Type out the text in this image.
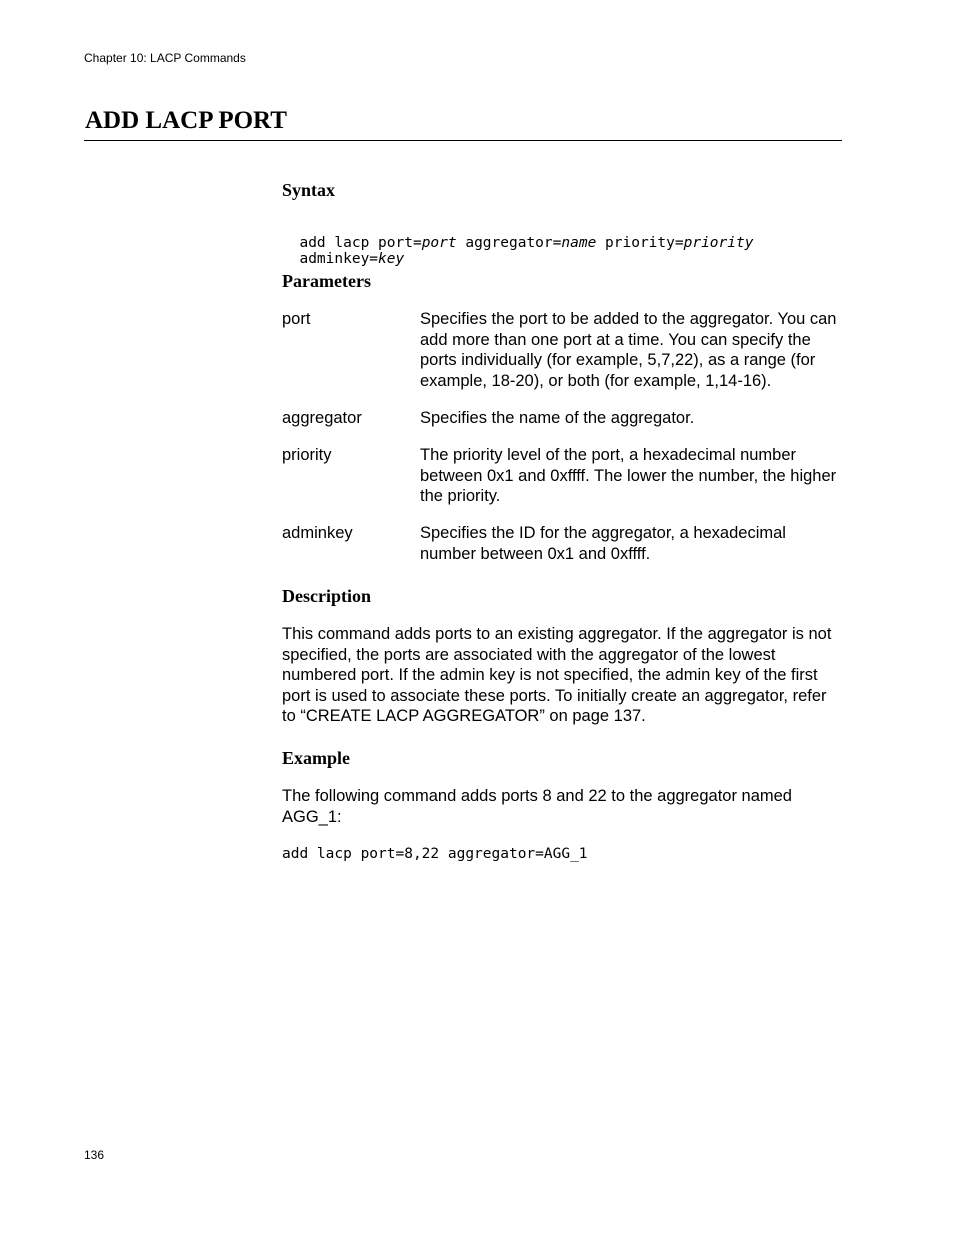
Chapter 10: LACP Commands
ADD LACP PORT
Syntax

add lacp port=port aggregator=name priority=priority

adminkey=key

Parameters
port	Specifies the port to be added to the aggregator. You can add more than one port at a time. You can specify the ports individually (for example, 5,7,22), as a range (for example, 18-20), or both (for example, 1,14-16).
aggregator	Specifies the name of the aggregator.
priority	The priority level of the port, a hexadecimal number between 0x1 and 0xffff. The lower the number, the higher the priority.
adminkey	Specifies the ID for the aggregator, a hexadecimal number between 0x1 and 0xffff.
Description
This command adds ports to an existing aggregator. If the aggregator is not specified, the ports are associated with the aggregator of the lowest numbered port. If the admin key is not specified, the admin key of the first port is used to associate these ports. To initially create an aggregator, refer to “CREATE LACP AGGREGATOR” on page 137.
Example
The following command adds ports 8 and 22 to the aggregator named AGG_1:
add lacp port=8,22 aggregator=AGG_1
136
